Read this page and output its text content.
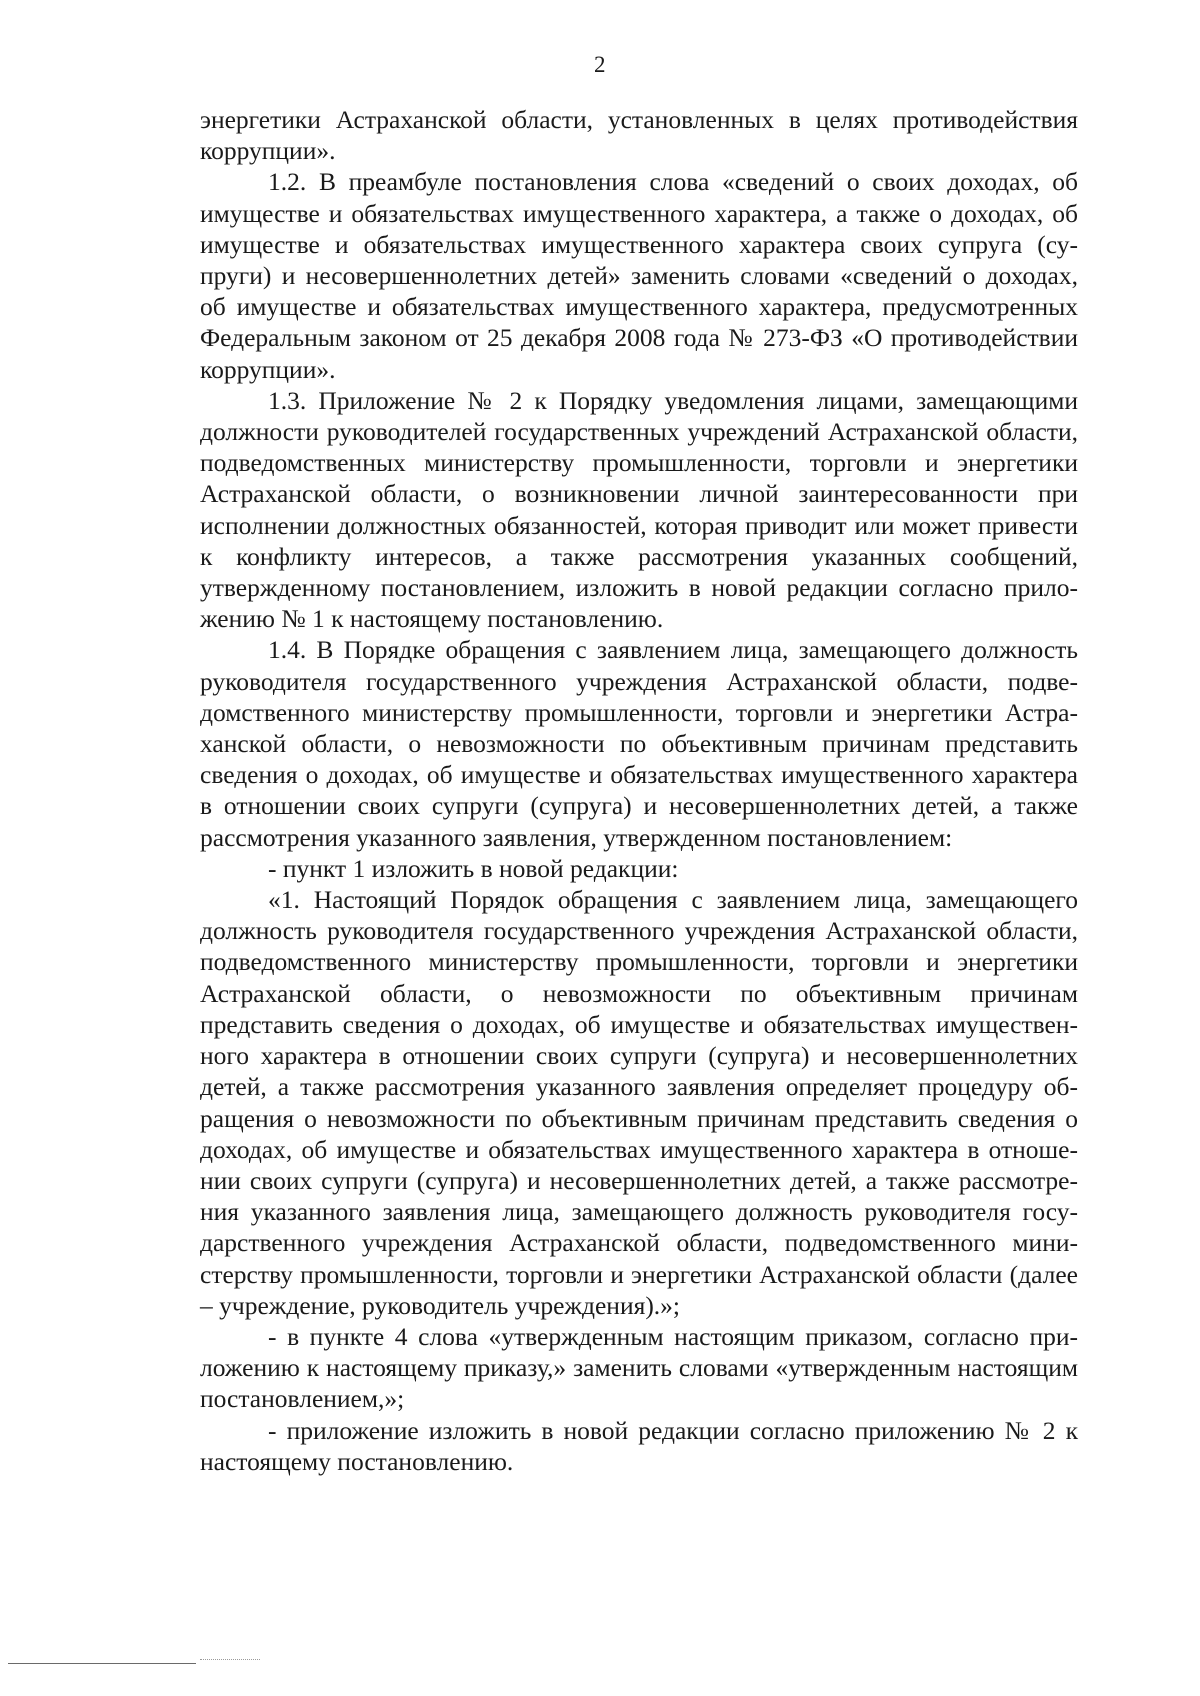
2

энергетики Астраханской области, установленных в целях противодействия коррупции».

1.2. В преамбуле постановления слова «сведений о своих доходах, об имуществе и обязательствах имущественного характера, а также о доходах, об имуществе и обязательствах имущественного характера своих супруга (супруги) и несовершеннолетних детей» заменить словами «сведений о доходах, об имуществе и обязательствах имущественного характера, предусмотренных Федеральным законом от 25 декабря 2008 года № 273-ФЗ «О противодействии коррупции».

1.3. Приложение № 2 к Порядку уведомления лицами, замещающими должности руководителей государственных учреждений Астраханской области, подведомственных министерству промышленности, торговли и энергетики Астраханской области, о возникновении личной заинтересованности при исполнении должностных обязанностей, которая приводит или может привести к конфликту интересов, а также рассмотрения указанных сообщений, утвержденному постановлением, изложить в новой редакции согласно приложению № 1 к настоящему постановлению.

1.4. В Порядке обращения с заявлением лица, замещающего должность руководителя государственного учреждения Астраханской области, подведомственного министерству промышленности, торговли и энергетики Астраханской области, о невозможности по объективным причинам представить сведения о доходах, об имуществе и обязательствах имущественного характера в отношении своих супруги (супруга) и несовершеннолетних детей, а также рассмотрения указанного заявления, утвержденном постановлением:

- пункт 1 изложить в новой редакции:

«1. Настоящий Порядок обращения с заявлением лица, замещающего должность руководителя государственного учреждения Астраханской области, подведомственного министерству промышленности, торговли и энергетики Астраханской области, о невозможности по объективным причинам представить сведения о доходах, об имуществе и обязательствах имущественного характера в отношении своих супруги (супруга) и несовершеннолетних детей, а также рассмотрения указанного заявления определяет процедуру обращения о невозможности по объективным причинам представить сведения о доходах, об имуществе и обязательствах имущественного характера в отношении своих супруги (супруга) и несовершеннолетних детей, а также рассмотрения указанного заявления лица, замещающего должность руководителя государственного учреждения Астраханской области, подведомственного министерству промышленности, торговли и энергетики Астраханской области (далее – учреждение, руководитель учреждения).»;

- в пункте 4 слова «утвержденным настоящим приказом, согласно приложению к настоящему приказу,» заменить словами «утвержденным настоящим постановлением,»;

- приложение изложить в новой редакции согласно приложению № 2 к настоящему постановлению.
